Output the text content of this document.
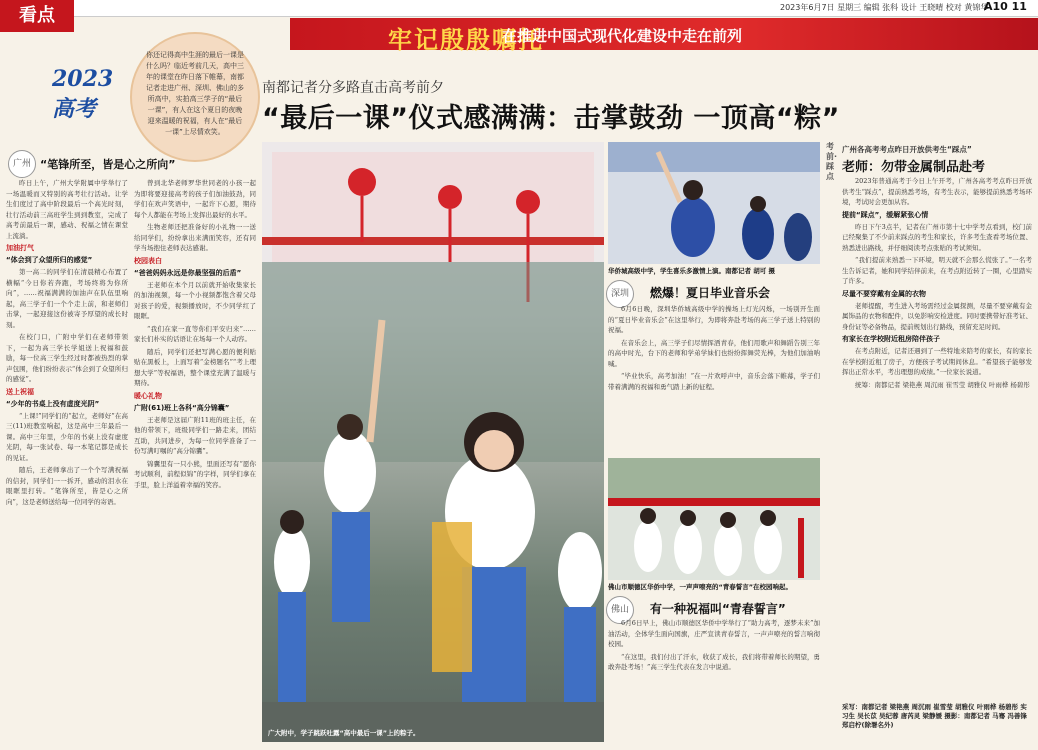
看点	2023年6月7日 星期三 编辑 张科 设计 王晓晴 校对 黄锦华
A10 11
牢记殷殷嘱托
在推进中国式现代化建设中走在前列
2023高考
你还记得高中生涯的最后一课是什么吗？临近考前几天，高中三年的课堂在昨日落下帷幕，南都记者走进广州、深圳、佛山的多所高中，实拍高三学子的“最后一课”，有人在这个夏日的夜晚迎来温暖的祝福，有人在“最后一课”上尽情欢笑。
南都记者分多路直击高考前夕
“最后一课”仪式感满满：击掌鼓劲 一顶高“粽”
广州 “笔锋所至，皆是心之所向”

昨日上午，广州大学附属中学举行了一场温暖而又特别的高考壮行活动。让学生们度过了高中阶段最后一个高光时刻，壮行活动前三高班学生到到教室，完成了高考前最后一课，感动、祝福之情在课堂上流淌。

加油打气

“体会到了众望所归的感觉”

第一高二的同学们在清晨精心布置了横幅“今日你若奔跑，考场终将为你所向”，……祝福满满的加油声在队伍里响起，高三学子们一个个走上前，和老师们击掌，一起迎接这份被寄予厚望的成长时刻。

在校门口，广附中学们在老师带领下，一起为高三学长学姐送上祝福和鼓励，每一位高三学生经过时都被热烈的掌声包围，他们纷纷表示“体会到了众望所归的感觉”。

送上祝福

“少年的书桌上没有虚度光阴”

“上课!”同学们的“起立，老师好”在高三(11)班教室响起，这是高中三年最后一课。高中三年里，少年的书桌上没有虚度光阴，每一张试卷、每一本笔记都是成长的见证。

随后，王老师拿出了一个个写满祝福的信封，同学们一一拆开，感动的泪水在眼眶里打转。“笔锋所至，皆是心之所向”，这是老师送给每一位同学的寄语。

曾到北华老师罗华世同老的小孩一起为即将要迎接高考的孩子们加油鼓劲，同学们在欢声笑语中，一起许下心愿，期待每个人都能在考场上发挥出最好的水平。

生物老师还把准备好的小礼物一一送给同学们，纷纷拿出来满面笑容，还有同学当场抱住老师表达感谢。

校园表白

“爸爸妈妈永远是你最坚强的后盾”

王老师在本个月以前就开始收集家长的加油视频，每一个小视频都饱含着父母对孩子的爱，视频播放时，不少同学红了眼眶。

“我们在家一直等你们平安归来”……家长们朴实的话语让在场每一个人动容。

随后，同学们还把写满心愿的便利贴贴在黑板上，上面写着“金榜题名”“考上理想大学”等祝福语，整个课堂充满了温暖与期待。

暖心礼物

广附(61)班上各科“高分锦囊”

王老师是这届广附11班的班主任，在他的带领下，班级同学们一路走来，团结互助，共同进步，为每一位同学准备了一份写满叮嘱的“高分锦囊”。

锦囊里有一只小熊，里面还写有“愿你考试顺利，前程似锦”的字样，同学们拿在手里，脸上洋溢着幸福的笑容。

广大附中，学子跳跃吐露“高中最后一课”上的粽子。
华侨城高级中学，学生喜乐多激情上演。南都记者 胡可 摄
深圳	燃爆！夏日毕业音乐会

6月6日晚，深圳华侨城高级中学的操场上灯光闪烁，一场别开生面的“夏日毕业音乐会”在这里举行，为即将奔赴考场的高三学子送上特别的祝福。

在音乐会上，高三学子们尽情挥洒青春，他们用歌声和舞蹈告别三年的高中时光，台下的老师和学弟学妹们也纷纷挥舞荧光棒，为他们加油呐喊。

“毕业快乐，高考加油！”在一片欢呼声中，音乐会落下帷幕，学子们带着满满的祝福和勇气踏上新的征程。

佛山市顺德区华侨中学，一声声嘹亮的“青春誓言”在校园响起。
佛山	有一种祝福叫“青春誓言”

6月6日早上，佛山市顺德区华侨中学举行了“助力高考，逐梦未来”加油活动，全体学生面向国旗，庄严宣读青春誓言，一声声嘹亮的誓言响彻校园。

“在这里，我们付出了汗水，收获了成长，我们将带着师长的期望，勇敢奔赴考场！”高三学生代表在发言中说道。

考前·踩点
广州各高考考点昨日开放供考生“踩点”
老师：勿带金属制品赴考

2023年普通高考于今日上午开考，广州各高考考点昨日开放供考生“踩点”，提前熟悉考场，有考生表示，能够提前熟悉考场环境，考试时会更加从容。

提前“踩点”，缓解紧张心情

昨日下午3点半，记者在广州市第十七中学考点看到，校门前已经聚集了不少前来踩点的考生和家长，许多考生查看考场位置、熟悉进出路线，并仔细阅读考点张贴的考试须知。

“我们提前来熟悉一下环境，明天就不会那么慌张了。”一名考生告诉记者，她和同学结伴前来，在考点附近转了一圈，心里踏实了许多。

尽量不要穿戴有金属的衣物

老师提醒，考生进入考场需经过金属探测，尽量不要穿戴有金属饰品的衣物和配件，以免影响安检进度。同时要携带好准考证、身份证等必备物品，提前规划出行路线，预留充足时间。

有家长在学校附近租房陪伴孩子

在考点附近，记者还遇到了一些特地来陪考的家长，有的家长在学校附近租了房子，方便孩子考试期间休息。“希望孩子能够发挥出正常水平，考出理想的成绩。”一位家长说道。

统筹：南都记者 梁艳燕 周沉雨 崔雪莹 胡雅仪 叶雨桦 杨碧彤

采写：南都记者 梁艳燕 周沉雨 崔雪莹 胡雅仪 叶雨桦 杨碧彤 实习生 吴长苡 吴纪蓉 唐芮灵 梁静媛 摄影：南都记者 马骞 冯善锋 郑启柠(除署名外)
